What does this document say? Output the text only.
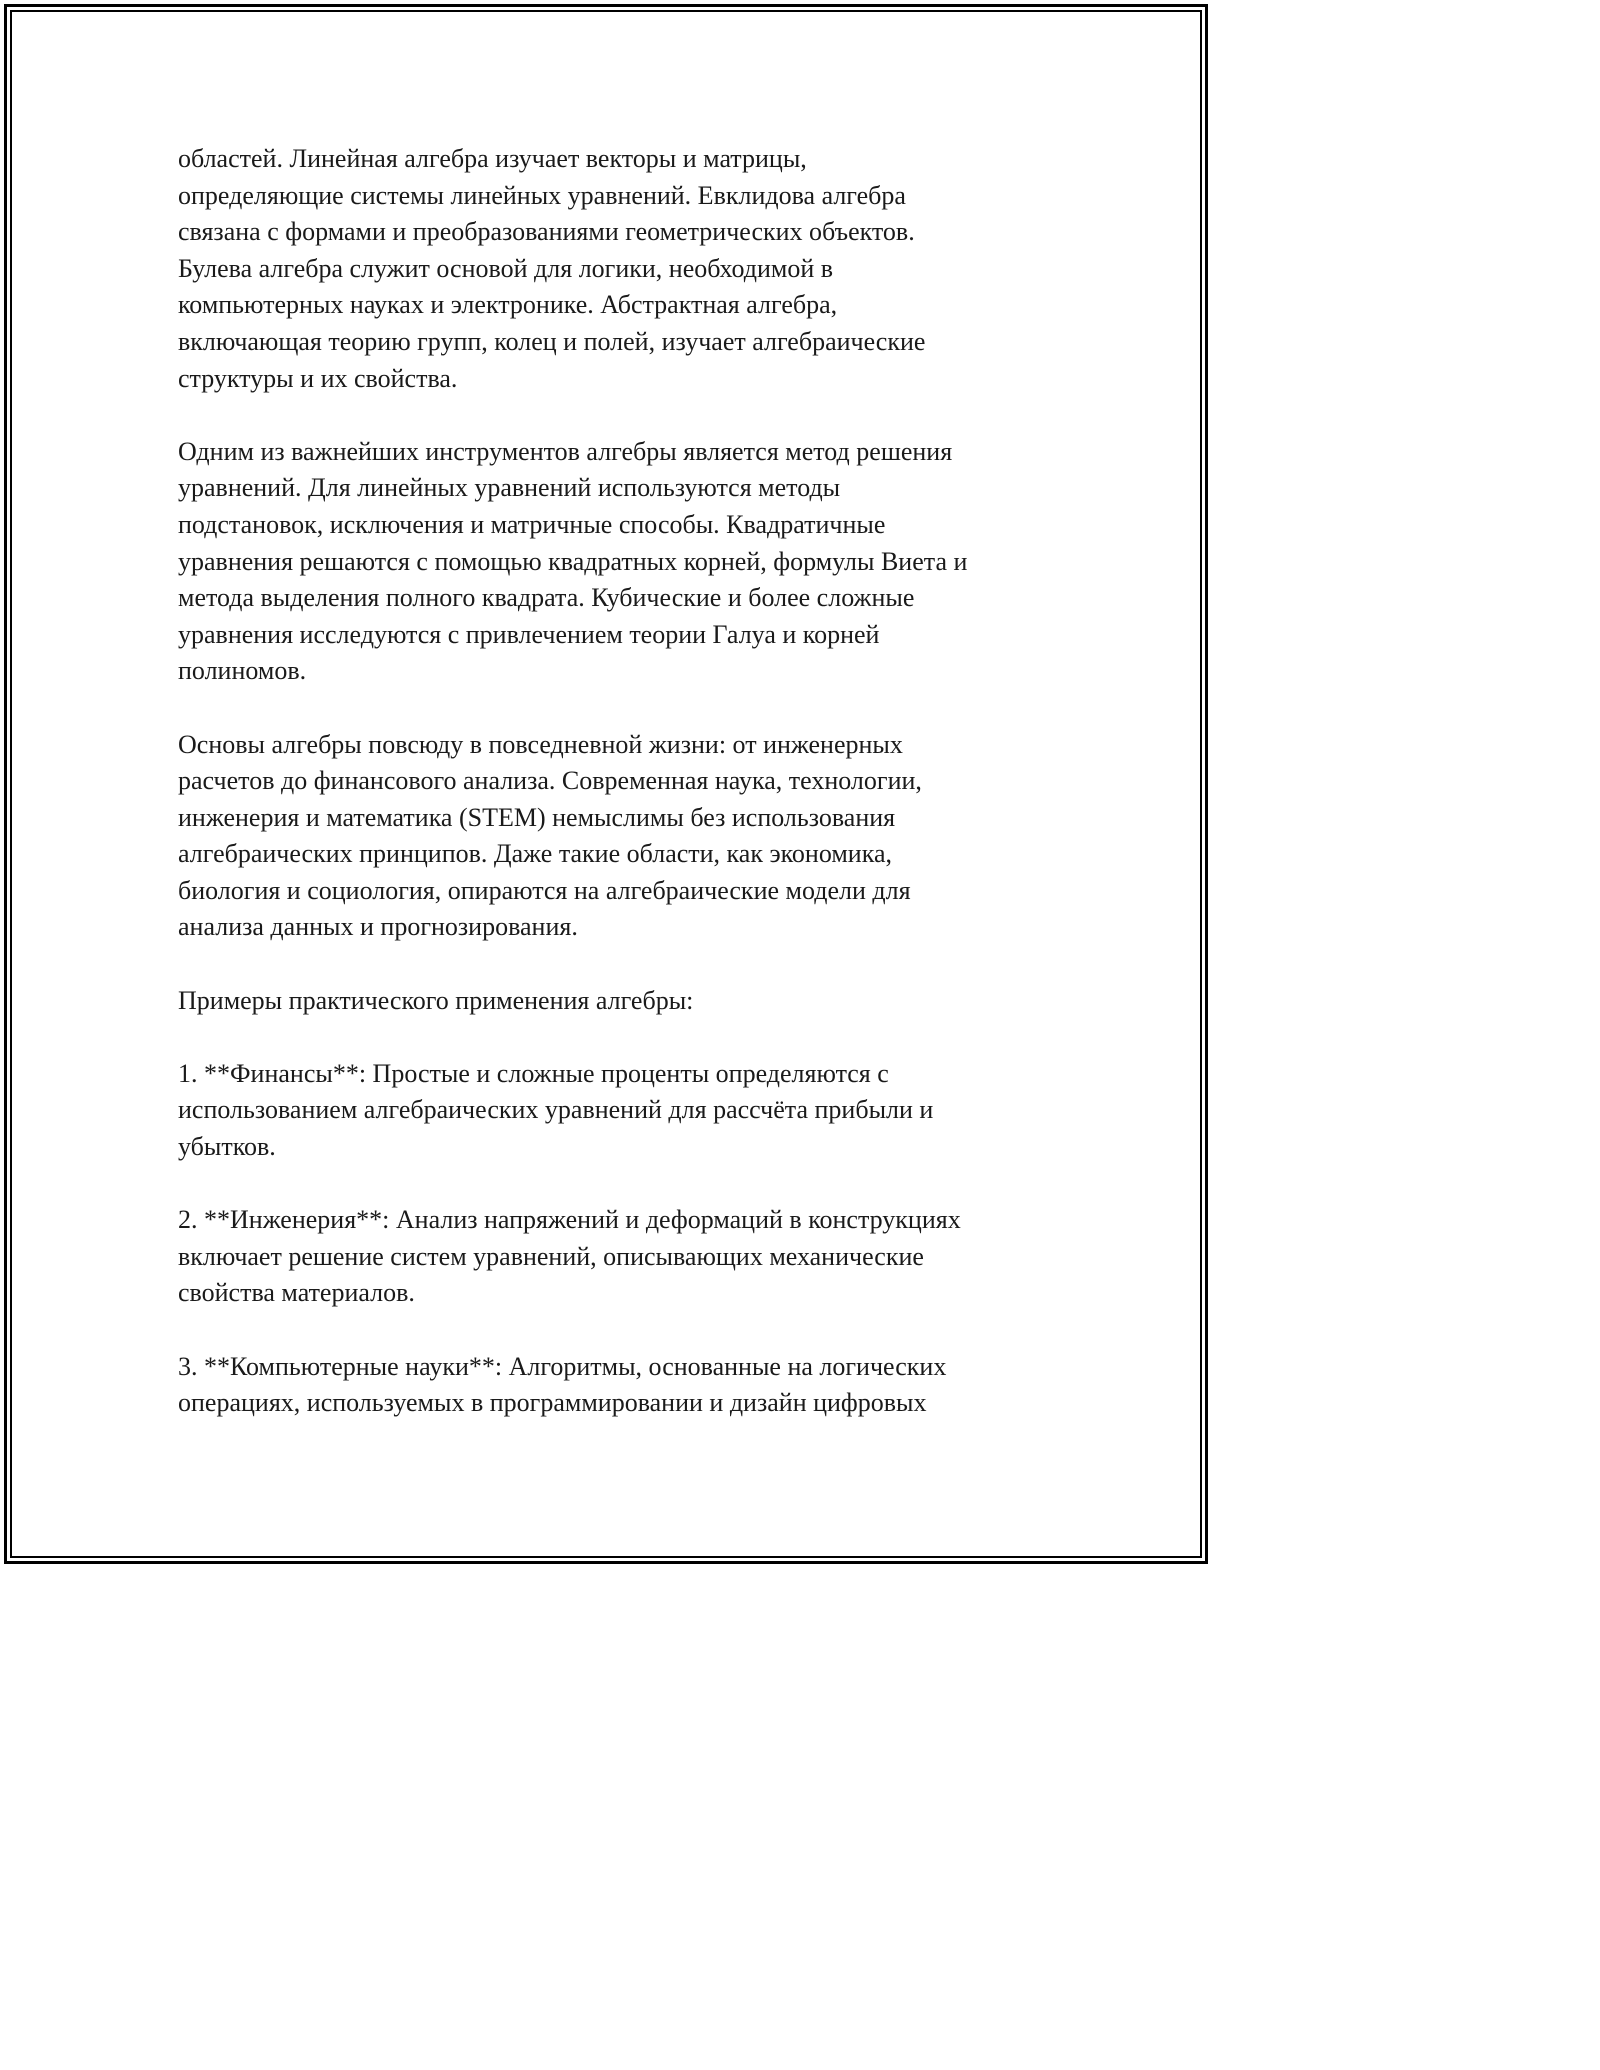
областей. Линейная алгебра изучает векторы и матрицы,
определяющие системы линейных уравнений. Евклидова алгебра
связана с формами и преобразованиями геометрических объектов.
Булева алгебра служит основой для логики, необходимой в
компьютерных науках и электронике. Абстрактная алгебра,
включающая теорию групп, колец и полей, изучает алгебраические
структуры и их свойства.

Одним из важнейших инструментов алгебры является метод решения
уравнений. Для линейных уравнений используются методы
подстановок, исключения и матричные способы. Квадратичные
уравнения решаются с помощью квадратных корней, формулы Виета и
метода выделения полного квадрата. Кубические и более сложные
уравнения исследуются с привлечением теории Галуа и корней
полиномов.

Основы алгебры повсюду в повседневной жизни: от инженерных
расчетов до финансового анализа. Современная наука, технологии,
инженерия и математика (STEM) немыслимы без использования
алгебраических принципов. Даже такие области, как экономика,
биология и социология, опираются на алгебраические модели для
анализа данных и прогнозирования.

Примеры практического применения алгебры:

1. **Финансы**: Простые и сложные проценты определяются с
использованием алгебраических уравнений для рассчёта прибыли и
убытков.

2. **Инженерия**: Анализ напряжений и деформаций в конструкциях
включает решение систем уравнений, описывающих механические
свойства материалов.

3. **Компьютерные науки**: Алгоритмы, основанные на логических
операциях, используемых в программировании и дизайн цифровых
